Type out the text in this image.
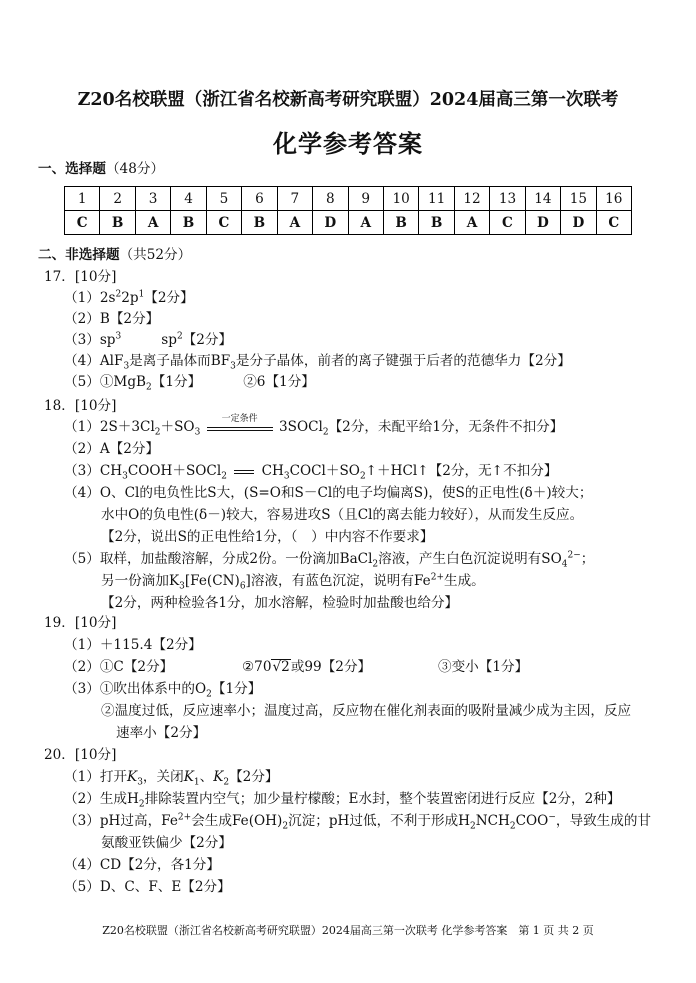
Z20名校联盟（浙江省名校新高考研究联盟）2024届高三第一次联考
化学参考答案
一、选择题（48分）
1	2	3	4	5	6	7	8	9	10	11	12	13	14	15	16
C	B	A	B	C	B	A	D	A	B	B	A	C	D	D	C
二、非选择题（共52分）
17．[10分]
$(1)2s^22p^1$【2分】
（2）B【2分】
$(3)sp^3$	$sp^2$【2分】
（4）AlF$_3$是离子晶体而$BF_3$是分子晶体，前者的离子键强于后者的范德华力【2分】
（5）①MgB$_2$【1分】	②6【1分】
18．[10分]
$(1)2S+3Cl_2+SO_3$
一定条件	3SOCl$_2$【2分，未配平给1分，无条件不扣分】
（2）A【2分】
$(3)CH_3COOH+SOCl_2$	$CH_3COCl+SO_2↑+HCl↑$【2分，无↑不扣分】
（4）O、Cl的电负性比S大，(S=O和S－Cl的电子均偏离S)，使S的正电性(δ＋)较大；
水中O的负电性(δ－)较大，容易进攻S（且Cl的离去能力较好），从而发生反应。
【2分，说出S的正电性给1分，（　）中内容不作要求】
（5）取样，加盐酸溶解，分成2份。一份滴加BaCl$_2$溶液，产生白色沉淀说明有$SO_4^{2-}$；
另一份滴加$K_3[Fe(CN)_6]$溶液，有蓝色沉淀，说明有$Fe^{2+}$生成。
【2分，两种检验各1分，加水溶解，检验时加盐酸也给分】
19．[10分]
（1）＋115.4【2分】
（2）①C【2分】	②70√2或99【2分】	③变小【1分】
（3）①吹出体系中的$O_2$【1分】
②温度过低，反应速率小；温度过高，反应物在催化剂表面的吸附量减少成为主因，反应
速率小【2分】
20．[10分]
（1）打开$K_3$，关闭$K_1$、$K_2$【2分】
（2）生成$H_2$排除装置内空气；加少量柠檬酸；E水封，整个装置密闭进行反应【2分，2种】
（3）pH过高，$Fe^{2+}$会生成$Fe(OH)_2$沉淀；pH过低，不利于形成$H_2NCH_2COO^-$，导致生成的甘
氨酸亚铁偏少【2分】
（4）CD【2分，各1分】
（5）D、C、F、E【2分】
Z20名校联盟（浙江省名校新高考研究联盟）2024届高三第一次联考 化学参考答案　第 1 页 共 2 页
